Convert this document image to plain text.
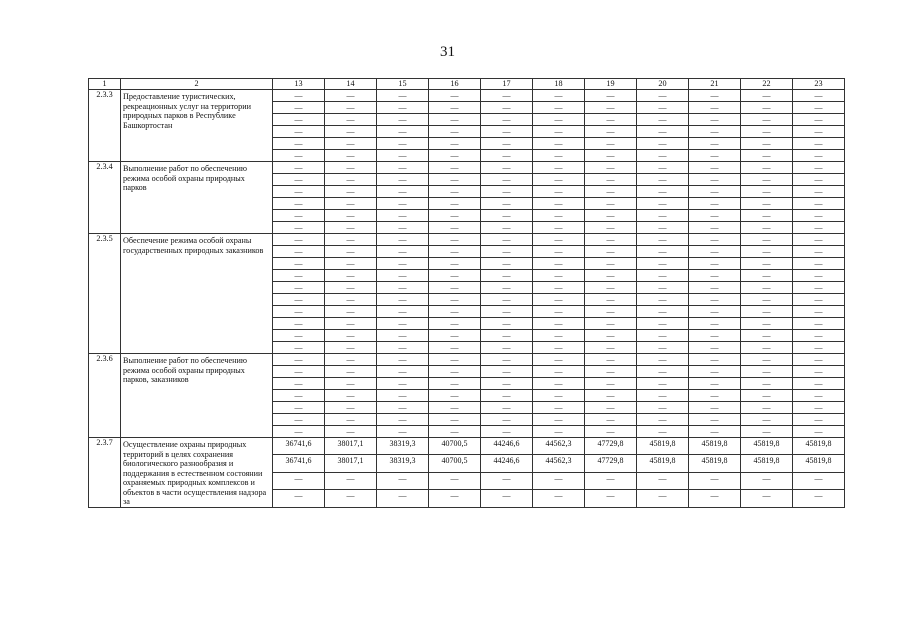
31
1	2	13	14	15	16	17	18	19	20	21	22	23
2.3.3	Предоставление туристических, рекреационных услуг на территории природных парков в Республике Башкортостан	—	—	—	—	—	—	—	—	—	—	—
		—	—	—	—	—	—	—	—	—	—	—
		—	—	—	—	—	—	—	—	—	—	—
		—	—	—	—	—	—	—	—	—	—	—
		—	—	—	—	—	—	—	—	—	—	—
		—	—	—	—	—	—	—	—	—	—	—
2.3.4	Выполнение работ по обеспечению режима особой охраны природных парков	—	—	—	—	—	—	—	—	—	—	—
		—	—	—	—	—	—	—	—	—	—	—
		—	—	—	—	—	—	—	—	—	—	—
		—	—	—	—	—	—	—	—	—	—	—
		—	—	—	—	—	—	—	—	—	—	—
		—	—	—	—	—	—	—	—	—	—	—
2.3.5	Обеспечение режима особой охраны государственных природных заказников	—	—	—	—	—	—	—	—	—	—	—
		—	—	—	—	—	—	—	—	—	—	—
		—	—	—	—	—	—	—	—	—	—	—
		—	—	—	—	—	—	—	—	—	—	—
		—	—	—	—	—	—	—	—	—	—	—
		—	—	—	—	—	—	—	—	—	—	—
		—	—	—	—	—	—	—	—	—	—	—
		—	—	—	—	—	—	—	—	—	—	—
		—	—	—	—	—	—	—	—	—	—	—
		—	—	—	—	—	—	—	—	—	—	—
2.3.6	Выполнение работ по обеспечению режима особой охраны природных парков, заказников	—	—	—	—	—	—	—	—	—	—	—
		—	—	—	—	—	—	—	—	—	—	—
		—	—	—	—	—	—	—	—	—	—	—
		—	—	—	—	—	—	—	—	—	—	—
		—	—	—	—	—	—	—	—	—	—	—
		—	—	—	—	—	—	—	—	—	—	—
		—	—	—	—	—	—	—	—	—	—	—
2.3.7	Осуществление охраны природных территорий в целях сохранения биологического разнообразия и поддержания в естественном состоянии охраняемых природных комплексов и объектов в части осуществления надзора за	36741,6	38017,1	38319,3	40700,5	44246,6	44562,3	47729,8	45819,8	45819,8	45819,8	45819,8
		36741,6	38017,1	38319,3	40700,5	44246,6	44562,3	47729,8	45819,8	45819,8	45819,8	45819,8
		—	—	—	—	—	—	—	—	—	—	—
		—	—	—	—	—	—	—	—	—	—	—
